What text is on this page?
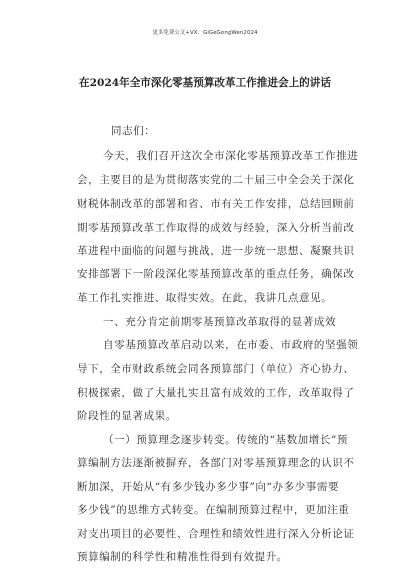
更多免费公文+VX：GiGeGongWen2024
在2024年全市深化零基预算改革工作推进会上的讲话
同志们：
今天，我们召开这次全市深化零基预算改革工作推进
会，主要目的是为贯彻落实党的二十届三中全会关于深化
财税体制改革的部署和省、市有关工作安排，总结回顾前
期零基预算改革工作取得的成效与经验，深入分析当前改
革进程中面临的问题与挑战，进一步统一思想、凝聚共识
安排部署下一阶段深化零基预算改革的重点任务，确保改
革工作扎实推进、取得实效。在此，我讲几点意见。
一、充分肯定前期零基预算改革取得的显著成效
自零基预算改革启动以来，在市委、市政府的坚强领
导下，全市财政系统会同各预算部门（单位）齐心协力、
积极探索，做了大量扎实且富有成效的工作，改革取得了
阶段性的显著成果。
（一）预算理念逐步转变。传统的“基数加增长”预
算编制方法逐渐被摒弃，各部门对零基预算理念的认识不
断加深，开始从“有多少钱办多少事”向“办多少事需要
多少钱”的思维方式转变。在编制预算过程中，更加注重
对支出项目的必要性、合理性和绩效性进行深入分析论证
预算编制的科学性和精准性得到有效提升。
